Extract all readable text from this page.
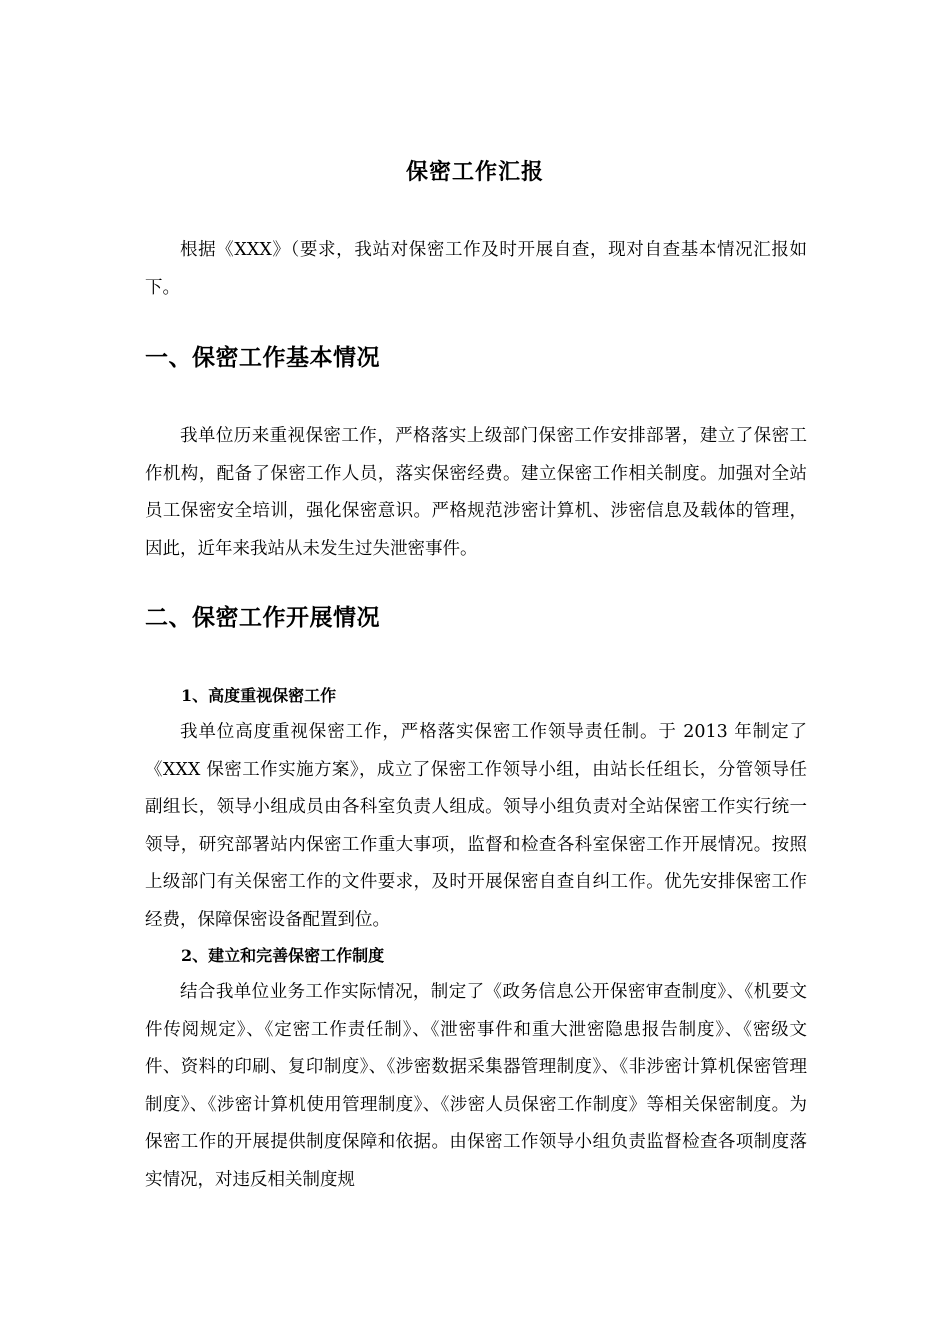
保密工作汇报

根据《XXX》（要求，我站对保密工作及时开展自查，现对自查基本情况汇报如下。

一、保密工作基本情况

我单位历来重视保密工作，严格落实上级部门保密工作安排部署，建立了保密工作机构，配备了保密工作人员，落实保密经费。建立保密工作相关制度。加强对全站员工保密安全培训，强化保密意识。严格规范涉密计算机、涉密信息及载体的管理，因此，近年来我站从未发生过失泄密事件。

二、保密工作开展情况
1、高度重视保密工作

我单位高度重视保密工作，严格落实保密工作领导责任制。于 2013 年制定了《XXX 保密工作实施方案》，成立了保密工作领导小组，由站长任组长，分管领导任副组长，领导小组成员由各科室负责人组成。领导小组负责对全站保密工作实行统一领导，研究部署站内保密工作重大事项，监督和检查各科室保密工作开展情况。按照上级部门有关保密工作的文件要求，及时开展保密自查自纠工作。优先安排保密工作经费，保障保密设备配置到位。

2、建立和完善保密工作制度

结合我单位业务工作实际情况，制定了《政务信息公开保密审查制度》、《机要文件传阅规定》、《定密工作责任制》、《泄密事件和重大泄密隐患报告制度》、《密级文件、资料的印刷、复印制度》、《涉密数据采集器管理制度》、《非涉密计算机保密管理制度》、《涉密计算机使用管理制度》、《涉密人员保密工作制度》等相关保密制度。为保密工作的开展提供制度保障和依据。由保密工作领导小组负责监督检查各项制度落实情况，对违反相关制度规
